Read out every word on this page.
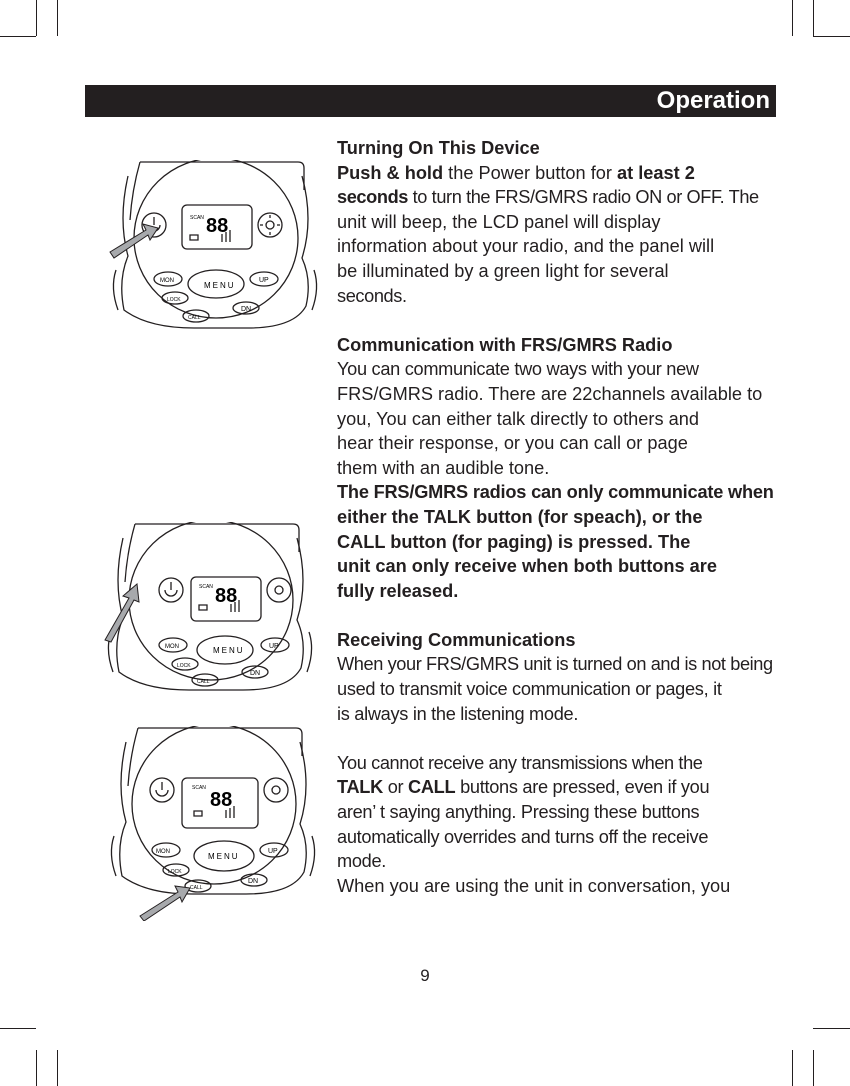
Operation
SCAN 88
MENU
UP
DN
LOCK
CALL
MON
SCAN 88
MENU	UP
DN
LOCK
CALL
MON
SCAN
88
MENU
UP
DN
LOCK
CALL
MON
Turning On This Device
Push & hold the Power button for at least 2
seconds to turn the FRS/GMRS radio ON or OFF. The
unit will beep, the LCD panel will display
information about your radio, and the panel will
be illuminated by a green light for several
seconds.
Communication with FRS/GMRS Radio
You can communicate two ways with your new
FRS/GMRS radio. There are 22channels available to
you, You can either talk directly to others and
hear their response, or you can call or page
them with an audible tone.
The FRS/GMRS radios can only communicate when
either the TALK button (for speach), or the
CALL button (for paging) is pressed. The
unit can only receive when both buttons are
fully released.
Receiving Communications
When your FRS/GMRS unit is turned on and is not being
used to transmit voice communication or pages, it
is always in the listening mode.
You cannot receive any transmissions when the
TALK or CALL buttons are pressed, even if you
aren’ t saying anything. Pressing these buttons
automatically overrides and turns off the receive
mode.
When you are using the unit in conversation, you
9
